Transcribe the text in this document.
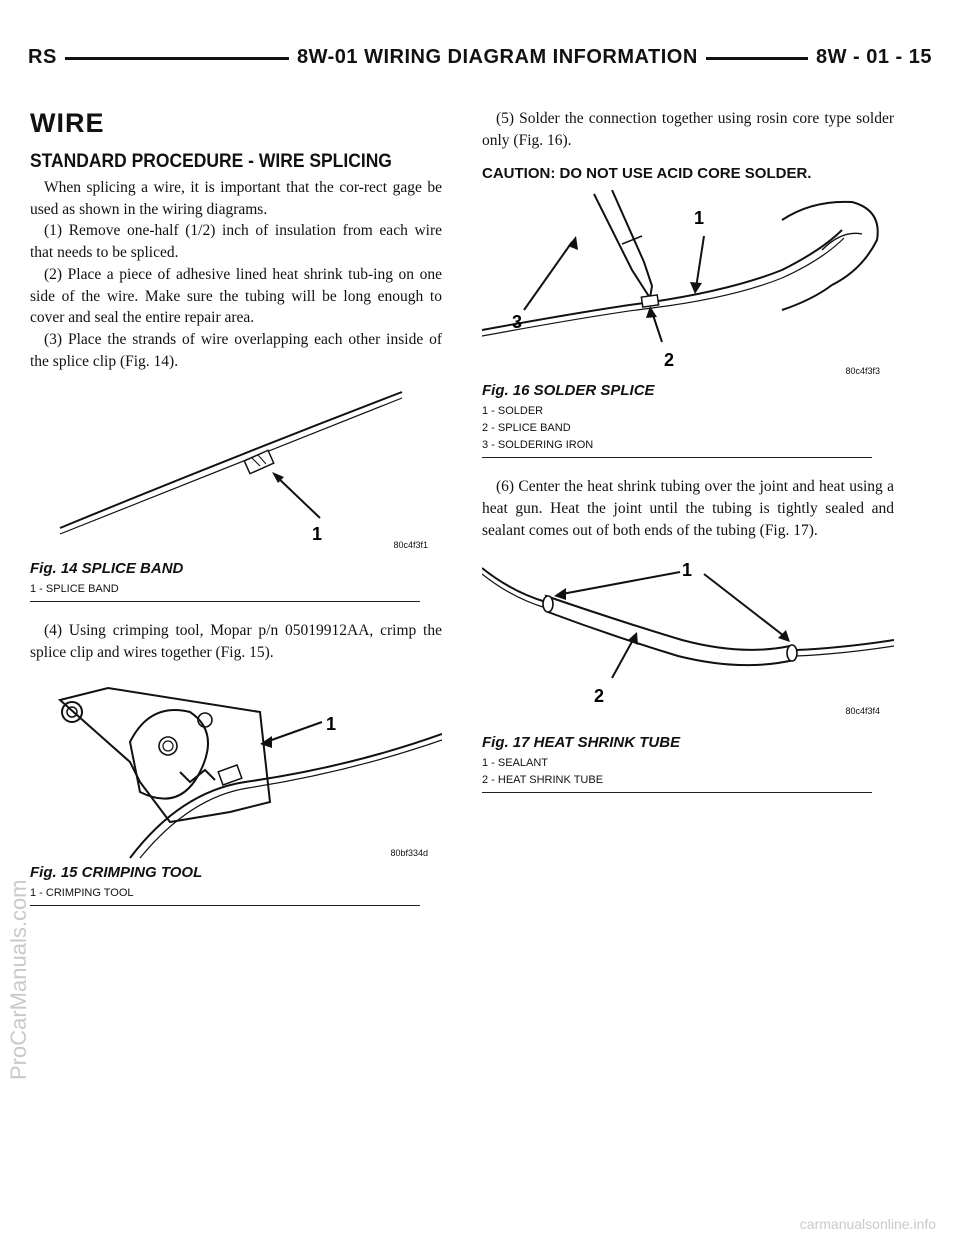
RS	8W-01 WIRING DIAGRAM INFORMATION	8W - 01 - 15
WIRE
STANDARD PROCEDURE - WIRE SPLICING

When splicing a wire, it is important that the cor-rect gage be used as shown in the wiring diagrams.

(1) Remove one-half (1/2) inch of insulation from each wire that needs to be spliced.

(2) Place a piece of adhesive lined heat shrink tub-ing on one side of the wire. Make sure the tubing will be long enough to cover and seal the entire repair area.

(3) Place the strands of wire overlapping each other inside of the splice clip (Fig. 14).

1
80c4f3f1
Fig. 14 SPLICE BAND
1 - SPLICE BAND

(4) Using crimping tool, Mopar p/n 05019912AA, crimp the splice clip and wires together (Fig. 15).

1
80bf334d
Fig. 15 CRIMPING TOOL
1 - CRIMPING TOOL

(5) Solder the connection together using rosin core type solder only (Fig. 16).

CAUTION: DO NOT USE ACID CORE SOLDER.

3
1
2
80c4f3f3
Fig. 16 SOLDER SPLICE
1 - SOLDER
2 - SPLICE BAND
3 - SOLDERING IRON

(6) Center the heat shrink tubing over the joint and heat using a heat gun. Heat the joint until the tubing is tightly sealed and sealant comes out of both ends of the tubing (Fig. 17).

1
2
80c4f3f4
Fig. 17 HEAT SHRINK TUBE
1 - SEALANT
2 - HEAT SHRINK TUBE
ProCarManuals.com
carmanualsonline.info
